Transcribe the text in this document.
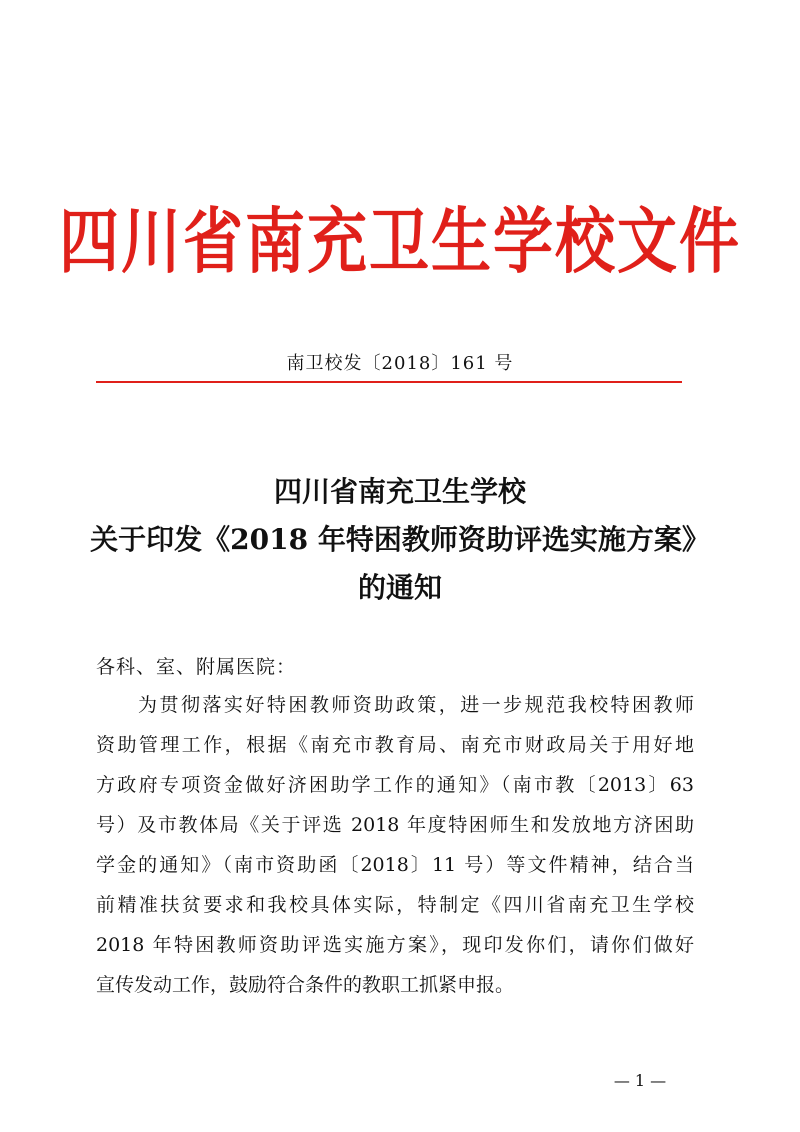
四川省南充卫生学校文件
南卫校发〔2018〕161 号
四川省南充卫生学校
关于印发《2018 年特困教师资助评选实施方案》
的通知
各科、室、附属医院：
为贯彻落实好特困教师资助政策，进一步规范我校特困教师
资助管理工作，根据《南充市教育局、南充市财政局关于用好地
方政府专项资金做好济困助学工作的通知》（南市教〔2013〕63
号）及市教体局《关于评选 2018 年度特困师生和发放地方济困助
学金的通知》（南市资助函〔2018〕11 号）等文件精神，结合当
前精准扶贫要求和我校具体实际，特制定《四川省南充卫生学校
2018 年特困教师资助评选实施方案》，现印发你们，请你们做好
宣传发动工作，鼓励符合条件的教职工抓紧申报。
— 1 —
